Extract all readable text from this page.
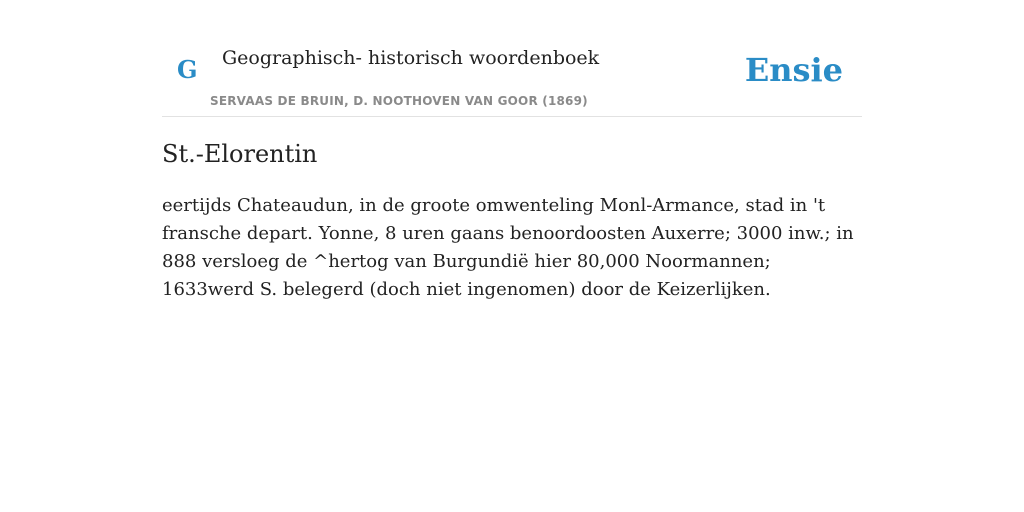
G Geographisch- historisch woordenboek
SERVAAS DE BRUIN, D. NOOTHOVEN VAN GOOR (1869)
Ensie
St.-Elorentin

eertijds Chateaudun, in de groote omwenteling Monl-Armance, stad in 't fransche depart. Yonne, 8 uren gaans benoordoosten Auxerre; 3000 inw.; in 888 versloeg de ^hertog van Burgundië hier 80,000 Noormannen; 1633werd S. belegerd (doch niet ingenomen) door de Keizerlijken.
